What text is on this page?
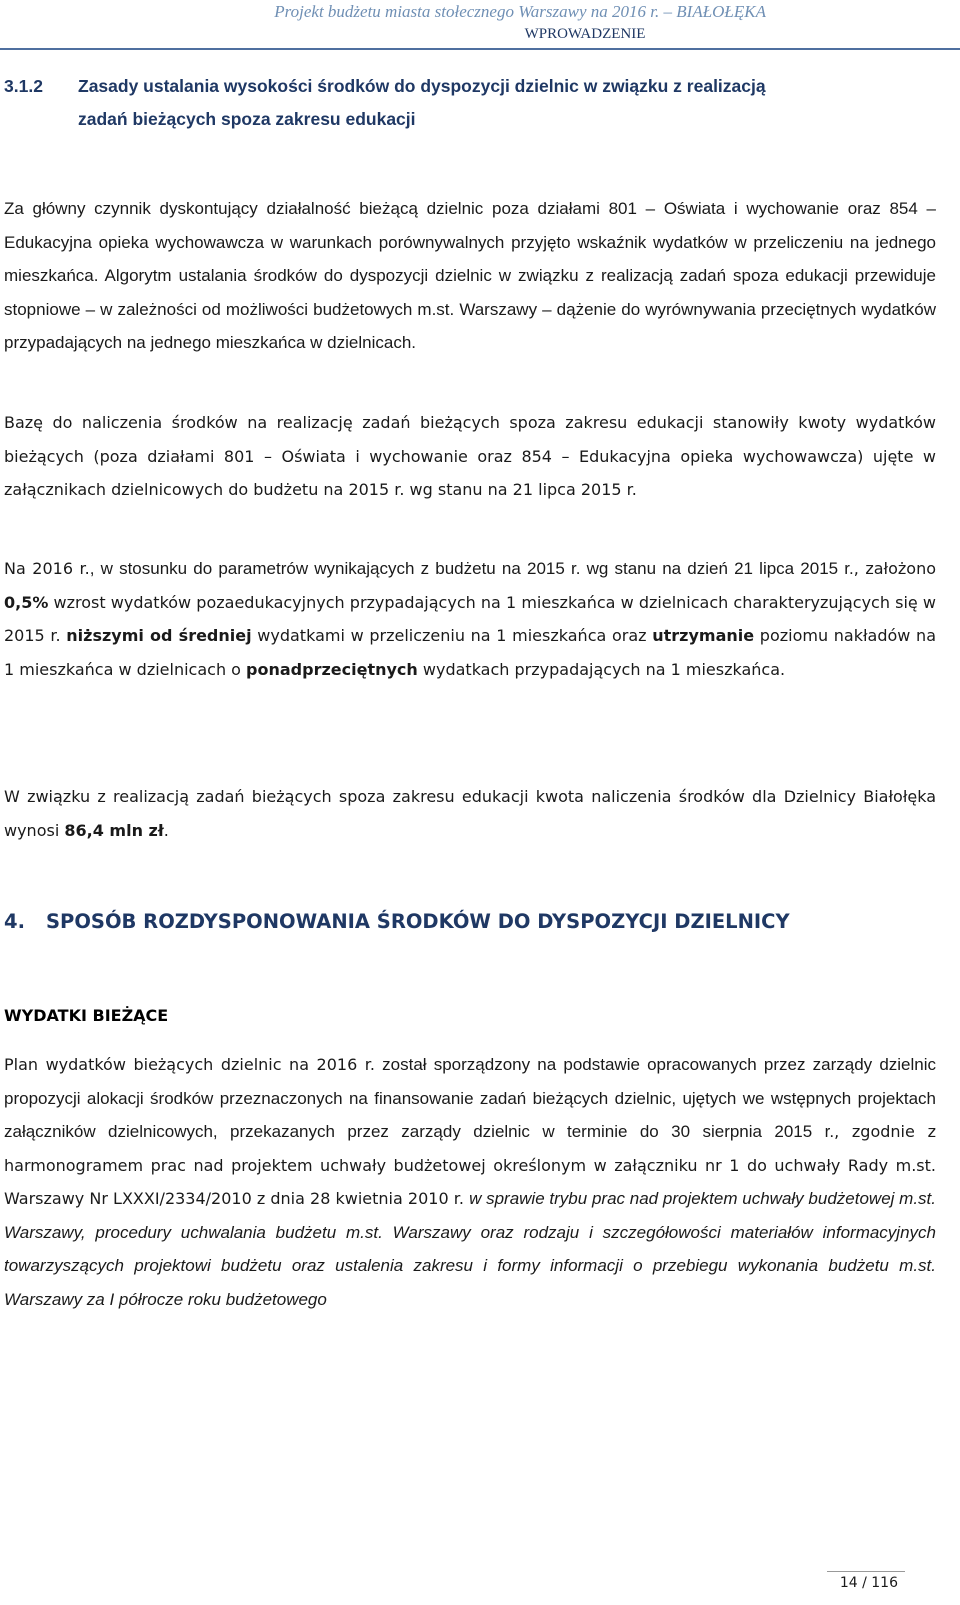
Projekt budżetu miasta stołecznego Warszawy na 2016 r. – BIAŁOŁĘKA
WPROWADZENIE
3.1.2 Zasady ustalania wysokości środków do dyspozycji dzielnic w związku z realizacją
zadań bieżących spoza zakresu edukacji

Za główny czynnik dyskontujący działalność bieżącą dzielnic poza działami 801 – Oświata i wychowanie oraz 854 – Edukacyjna opieka wychowawcza w warunkach porównywalnych przyjęto wskaźnik wydatków w przeliczeniu na jednego mieszkańca. Algorytm ustalania środków do dyspozycji dzielnic w związku z realizacją zadań spoza edukacji przewiduje stopniowe – w zależności od możliwości budżetowych m.st. Warszawy – dążenie do wyrównywania przeciętnych wydatków przypadających na jednego mieszkańca w dzielnicach.

Bazę do naliczenia środków na realizację zadań bieżących spoza zakresu edukacji stanowiły kwoty wydatków bieżących (poza działami 801 – Oświata i wychowanie oraz 854 – Edukacyjna opieka wychowawcza) ujęte w załącznikach dzielnicowych do budżetu na 2015 r. wg stanu na 21 lipca 2015 r.

Na 2016 r., w stosunku do parametrów wynikających z budżetu na 2015 r. wg stanu na dzień 21 lipca 2015 r., założono 0,5% wzrost wydatków pozaedukacyjnych przypadających na 1 mieszkańca w dzielnicach charakteryzujących się w 2015 r. niższymi od średniej wydatkami w przeliczeniu na 1 mieszkańca oraz utrzymanie poziomu nakładów na 1 mieszkańca w dzielnicach o ponadprzeciętnych wydatkach przypadających na 1 mieszkańca.

W związku z realizacją zadań bieżących spoza zakresu edukacji kwota naliczenia środków dla Dzielnicy Białołęka wynosi 86,4 mln zł.

4. SPOSÓB ROZDYSPONOWANIA ŚRODKÓW DO DYSPOZYCJI DZIELNICY
WYDATKI BIEŻĄCE

Plan wydatków bieżących dzielnic na 2016 r. został sporządzony na podstawie opracowanych przez zarządy dzielnic propozycji alokacji środków przeznaczonych na finansowanie zadań bieżących dzielnic, ujętych we wstępnych projektach załączników dzielnicowych, przekazanych przez zarządy dzielnic w terminie do 30 sierpnia 2015 r., zgodnie z harmonogramem prac nad projektem uchwały budżetowej określonym w załączniku nr 1 do uchwały Rady m.st. Warszawy Nr LXXXI/2334/2010 z dnia 28 kwietnia 2010 r. w sprawie trybu prac nad projektem uchwały budżetowej m.st. Warszawy, procedury uchwalania budżetu m.st. Warszawy oraz rodzaju i szczegółowości materiałów informacyjnych towarzyszących projektowi budżetu oraz ustalenia zakresu i formy informacji o przebiegu wykonania budżetu m.st. Warszawy za I półrocze roku budżetowego

14 / 116
